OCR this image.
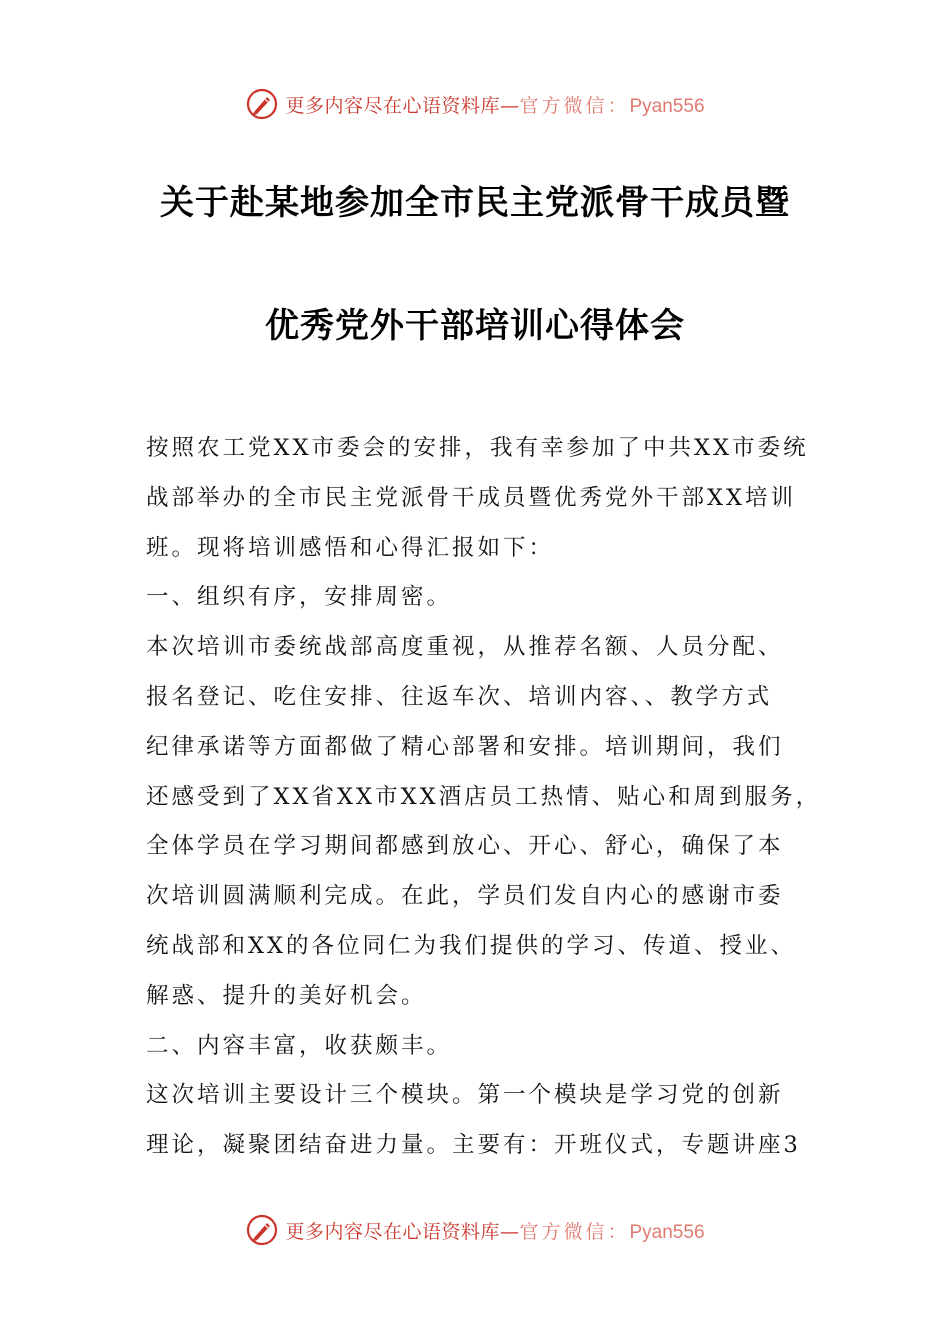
更多内容尽在心语资料库—官方微信：Pyan556
关于赴某地参加全市民主党派骨干成员暨
优秀党外干部培训心得体会
按照农工党XX市委会的安排，我有幸参加了中共XX市委统
战部举办的全市民主党派骨干成员暨优秀党外干部XX培训
班。现将培训感悟和心得汇报如下：
一、组织有序，安排周密。
本次培训市委统战部高度重视，从推荐名额、人员分配、
报名登记、吃住安排、往返车次、培训内容、、教学方式
纪律承诺等方面都做了精心部署和安排。培训期间，我们
还感受到了XX省XX市XX酒店员工热情、贴心和周到服务，
全体学员在学习期间都感到放心、开心、舒心，确保了本
次培训圆满顺利完成。在此，学员们发自内心的感谢市委
统战部和XX的各位同仁为我们提供的学习、传道、授业、
解惑、提升的美好机会。
二、内容丰富，收获颇丰。
这次培训主要设计三个模块。第一个模块是学习党的创新
理论，凝聚团结奋进力量。主要有：开班仪式，专题讲座3
更多内容尽在心语资料库—官方微信：Pyan556
